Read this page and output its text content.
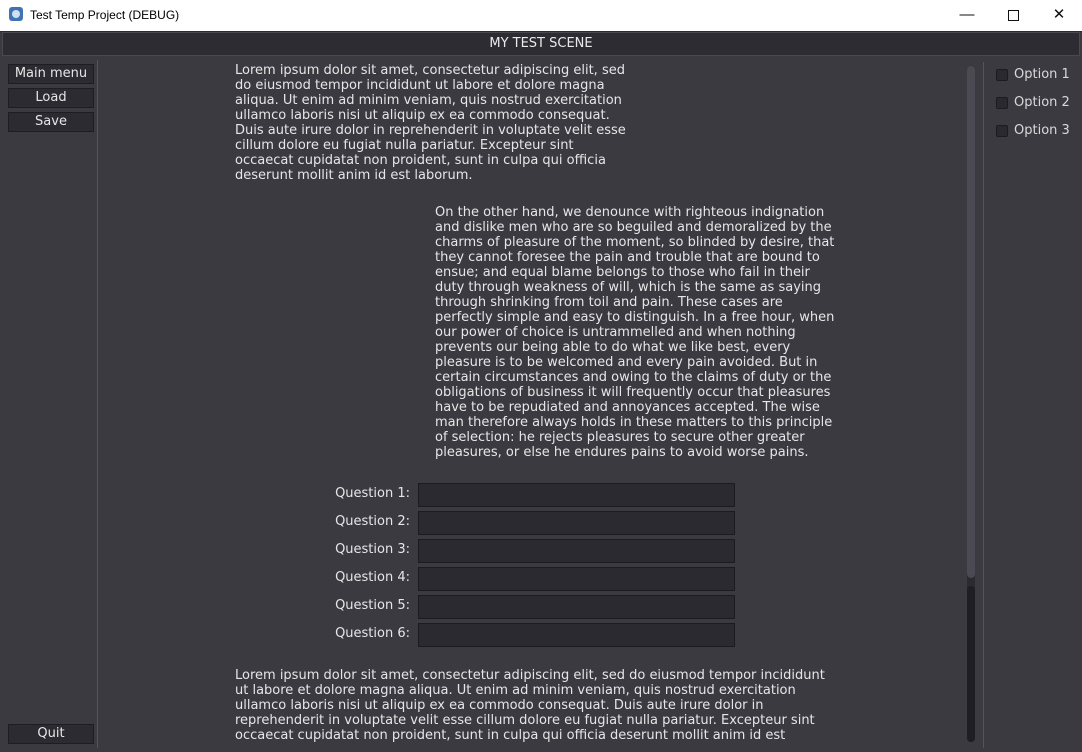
Test Temp Project (DEBUG)	—	✕
MY TEST SCENE
Main menu
Load
Save
Quit
Lorem ipsum dolor sit amet, consectetur adipiscing elit, sed do eiusmod tempor incididunt ut labore et dolore magna aliqua. Ut enim ad minim veniam, quis nostrud exercitation ullamco laboris nisi ut aliquip ex ea commodo consequat. Duis aute irure dolor in reprehenderit in voluptate velit esse cillum dolore eu fugiat nulla pariatur. Excepteur sint occaecat cupidatat non proident, sunt in culpa qui officia deserunt mollit anim id est laborum.
On the other hand, we denounce with righteous indignation and dislike men who are so beguiled and demoralized by the charms of pleasure of the moment, so blinded by desire, that they cannot foresee the pain and trouble that are bound to ensue; and equal blame belongs to those who fail in their duty through weakness of will, which is the same as saying through shrinking from toil and pain. These cases are perfectly simple and easy to distinguish. In a free hour, when our power of choice is untrammelled and when nothing prevents our being able to do what we like best, every pleasure is to be welcomed and every pain avoided. But in certain circumstances and owing to the claims of duty or the obligations of business it will frequently occur that pleasures have to be repudiated and annoyances accepted. The wise man therefore always holds in these matters to this principle of selection: he rejects pleasures to secure other greater pleasures, or else he endures pains to avoid worse pains.
Question 1:
Question 2:
Question 3:
Question 4:
Question 5:
Question 6:
Lorem ipsum dolor sit amet, consectetur adipiscing elit, sed do eiusmod tempor incididunt ut labore et dolore magna aliqua. Ut enim ad minim veniam, quis nostrud exercitation ullamco laboris nisi ut aliquip ex ea commodo consequat. Duis aute irure dolor in reprehenderit in voluptate velit esse cillum dolore eu fugiat nulla pariatur. Excepteur sint occaecat cupidatat non proident, sunt in culpa qui officia deserunt mollit anim id est
Option 1
Option 2
Option 3
